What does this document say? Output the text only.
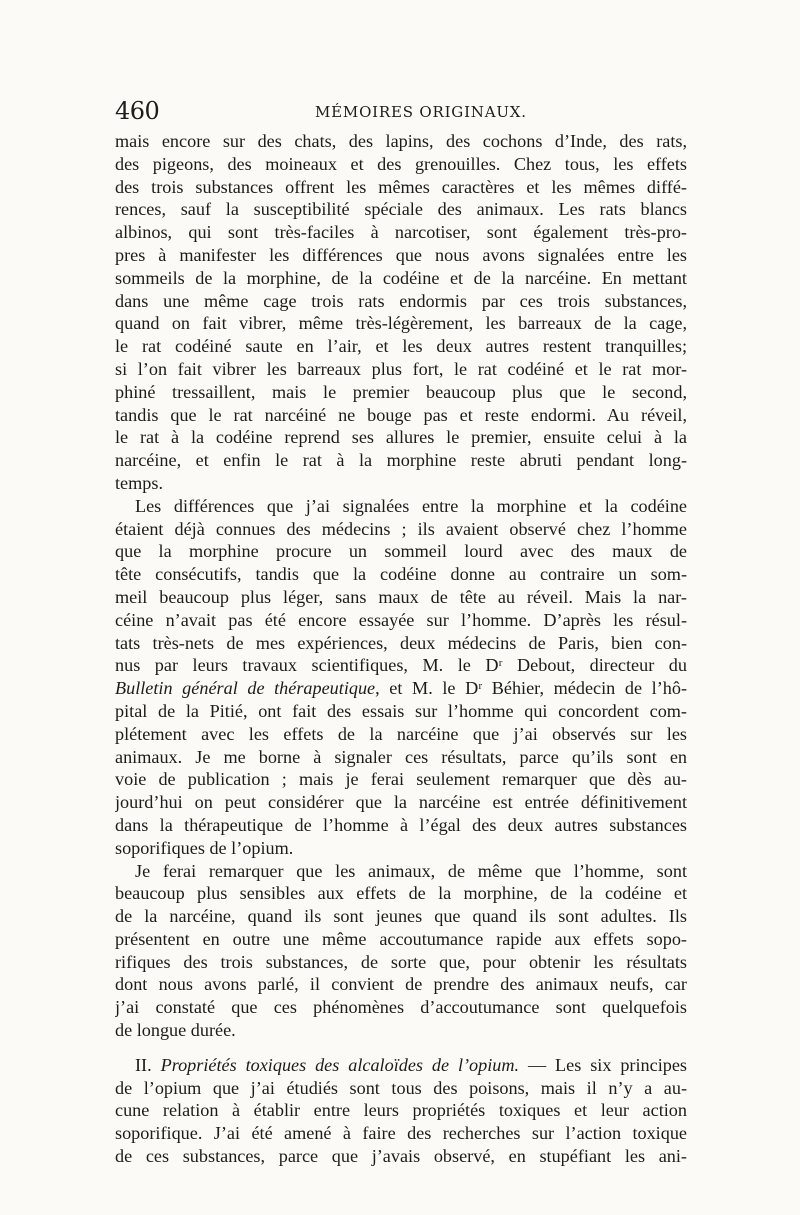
460	MÉMOIRES ORIGINAUX.
mais encore sur des chats, des lapins, des cochons d’Inde, des rats,
des pigeons, des moineaux et des grenouilles. Chez tous, les effets
des trois substances offrent les mêmes caractères et les mêmes diffé-
rences, sauf la susceptibilité spéciale des animaux. Les rats blancs
albinos, qui sont très-faciles à narcotiser, sont également très-pro-
pres à manifester les différences que nous avons signalées entre les
sommeils de la morphine, de la codéine et de la narcéine. En mettant
dans une même cage trois rats endormis par ces trois substances,
quand on fait vibrer, même très-légèrement, les barreaux de la cage,
le rat codéiné saute en l’air, et les deux autres restent tranquilles;
si l’on fait vibrer les barreaux plus fort, le rat codéiné et le rat mor-
phiné tressaillent, mais le premier beaucoup plus que le second,
tandis que le rat narcéiné ne bouge pas et reste endormi. Au réveil,
le rat à la codéine reprend ses allures le premier, ensuite celui à la
narcéine, et enfin le rat à la morphine reste abruti pendant long-
temps.
Les différences que j’ai signalées entre la morphine et la codéine
étaient déjà connues des médecins ; ils avaient observé chez l’homme
que la morphine procure un sommeil lourd avec des maux de
tête consécutifs, tandis que la codéine donne au contraire un som-
meil beaucoup plus léger, sans maux de tête au réveil. Mais la nar-
céine n’avait pas été encore essayée sur l’homme. D’après les résul-
tats très-nets de mes expériences, deux médecins de Paris, bien con-
nus par leurs travaux scientifiques, M. le Dʳ Debout, directeur du
Bulletin général de thérapeutique, et M. le Dʳ Béhier, médecin de l’hô-
pital de la Pitié, ont fait des essais sur l’homme qui concordent com-
plétement avec les effets de la narcéine que j’ai observés sur les
animaux. Je me borne à signaler ces résultats, parce qu’ils sont en
voie de publication ; mais je ferai seulement remarquer que dès au-
jourd’hui on peut considérer que la narcéine est entrée définitivement
dans la thérapeutique de l’homme à l’égal des deux autres substances
soporifiques de l’opium.
Je ferai remarquer que les animaux, de même que l’homme, sont
beaucoup plus sensibles aux effets de la morphine, de la codéine et
de la narcéine, quand ils sont jeunes que quand ils sont adultes. Ils
présentent en outre une même accoutumance rapide aux effets sopo-
rifiques des trois substances, de sorte que, pour obtenir les résultats
dont nous avons parlé, il convient de prendre des animaux neufs, car
j’ai constaté que ces phénomènes d’accoutumance sont quelquefois
de longue durée.
II. Propriétés toxiques des alcaloïdes de l’opium. — Les six principes
de l’opium que j’ai étudiés sont tous des poisons, mais il n’y a au-
cune relation à établir entre leurs propriétés toxiques et leur action
soporifique. J’ai été amené à faire des recherches sur l’action toxique
de ces substances, parce que j’avais observé, en stupéfiant les ani-
